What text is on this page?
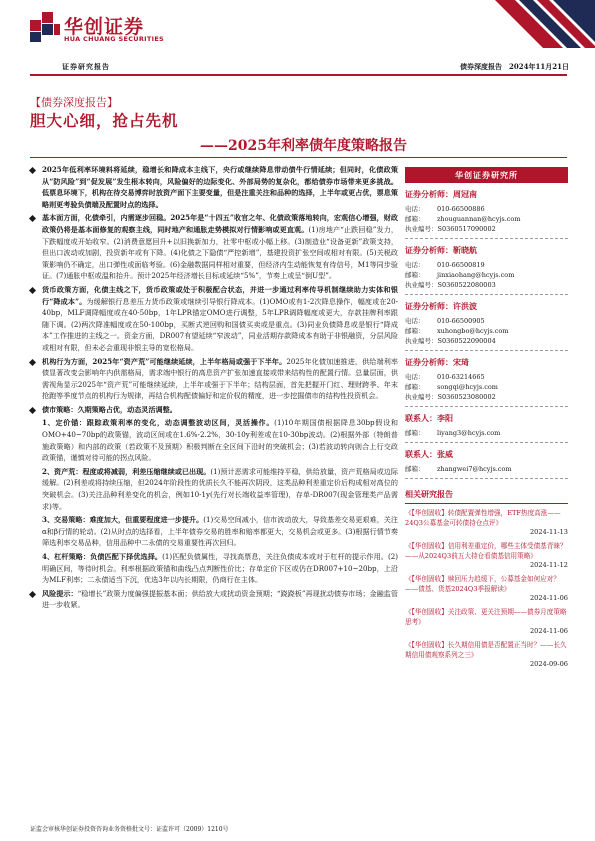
华创证券
HUA CHUANG SECURITIES
证券研究报告	债券深度报告　2024年11月21日
【债券深度报告】
胆大心细，抢占先机
——2025年利率债年度策略报告
2025年低利率环境料将延续，稳增长和降成本主线下，央行或继续降息带动债牛行情延续；但同时，化债政策从“防风险”到“促发展”发生根本转向，风险偏好的边际变化、外部局势的复杂化，都给债券市场带来更多挑战。低票息环境下，机构在待交易博弈时放资产面下主要变量，但是注重关注和品种的选择，上半年或更占优，票息策略则更考验负债端及配置时点的选择。
基本面方面，化债牵引，内需逐步回稳。2025年是“十四五”收官之年、化债政策落地转向，宏观信心增强，财政政策仍将是基本面修复的观察主线，同时地产和通胀走势模拟对行情影响或更直观。(1)房地产“止跌回稳”发力，下跌幅度或开始收窄。(2)消费意愿回升+以旧换新加力，社零中枢或小幅上移。(3)制造业“设备更新”政策支持，但出口波动或加剧，投资新年或有下降。(4)化债之下隐债“严控新增”，基建投资扩张空间或相对有限。(5)关税政策影响仍不确定，出口弹性或面临考验。(6)金融数据同样相对重要，但经济内生动能恢复有待信号，M1等同步验证。(7)通胀中枢或温和抬升。预计2025年经济增长目标或延续“5%”，节奏上或呈“倒U型”。
货币政策方面，化债主线之下，货币政策或处于积极配合状态，并进一步通过利率传导机制继续助力实体和银行“降成本”。为缓解银行息差压力货币政策或继续引导银行降成本。(1)OMO或有1-2次降息操作，幅度或在20-40bp，MLF调降幅度或在40-50bp，1年LPR锚定OMO进行调整，5年LPR调降幅度或更大，存款挂牌利率跟随下调。(2)两次降准幅度或在50-100bp，买断式逆回购和国债买卖或是重点。(3)同业负债降息或是银行“降成本”工作推进的主线之一。资金方面，DR007有望延续“窄波动”，同业活期存款降成本有助于非银融资，分层风险或相对有限，但未必会重现非银主导的宽松格局。
机构行为方面，2025年“资产荒”可能继续延续，上半年格局或强于下半年。2025年化债加速推进，供给端利率债显著改变会影响年内供需格局，需求端中银行的高息资产扩张加速直接或带来结构性的配置行情。总量层面，供需视角显示2025年“资产荒”可能继续延续，上半年或强于下半年；结构层面，首先把握开门红、理财跨季、年末抢跑等季度节点的机构行为规律，再结合机构配债偏好和定价权的精度，进一步挖掘债市的结构性投资机会。
债市策略：久期策略占优，动态灵活调整。
1、定价锚：跟踪政策利率的变化，动态调整波动区间，灵活操作。(1)10年期国债根据降息30bp假设和OMO+40~70bp的政策锚，波动区间或在1.6%-2.2%，30-10y利差或在10-30bp波动。(2)根据外部（特朗普施政策略）和内部的政策（若政策不及预期）积极判断在全区间下沿时的突破机会；(3)若波动转向则合上行交政政策锚，谨慎对待可能的拐点风险。
2、资产荒：程度或将减弱，利差压缩继续或已出现。(1)预计恶需求可能维持平稳，供给放量，资产荒格局或边际缓解。(2)利差或将持续压缩，但2024年阶段性的优质长久不能再次阴段，这类品种利差重定价后构成相对高位的突破机会。(3)关注品种利差变化的机会，例如10-1y(先行对长端收益率管理)，存单-DR007(现金管理类产品需求)等。
3、交易策略：难度加大，但重要程度进一步提升。(1)交易空间减小，信市波动放大，导致基差交易更艰难，关注α和β行情的轮动。(2)从时点的选择看，上半年债券交易的胜率和赔率都更大，交易机会或更多。(3)根据行情节奏筛选利率交易品种，信用品种中二永债的交易重要性再次回归。
4、杠杆策略：负债匹配下择优选择。(1)匹配负债属性，寻找高票息，关注负债成本或对于杠杆的提示作用。(2)明确区间，等待时机会。利率根据政策锚和曲线凸点判断性价比；存单定价下区或仍在DR007+10~20bp，上沿为MLF利率；二永债适当下沉，优选3年以内长期限，仍商行在主体。
风险提示：“稳增长”政策力度偏强提振基本面；供给放大或扰动资金预期；“跷跷板”再现扰动债券市场；金融监管进一步收紧。
华创证券研究所
证券分析师：周冠南
电话： 010-66500886
邮箱： zhouguannan@hcyjs.com
执业编号：S0360517090002
证券分析师：靳晓航
电话： 010-66500819
邮箱： jinxiaohang@hcyjs.com
执业编号：S0360522080003
证券分析师：许洪波
电话： 010-66500905
邮箱： xuhongbo@hcyjs.com
执业编号：S0360522090004
证券分析师：宋琦
电话： 010-63214665
邮箱： songqi@hcyjs.com
执业编号：S0360523080002
联系人：李阳
邮箱： liyang3@hcyjs.com
联系人：张威
邮箱： zhangwei7@hcyjs.com
相关研究报告
《【华创固收】转债配置弹性增强，ETF热度高涨——24Q3公募基金可转债持仓点评》
2024-11-13
《【华创固收】信用利差重定价，哪些主体受债基青睐？——从2024Q3前五大持仓看债基信用策略》
2024-11-12
《【华创固收】赎回压力趋缓下，公募基金如何应对？——债基、货基2024Q3季报解读》
2024-11-06
《【华创固收】关注政策、更关注预期——债券月度策略思考》
2024-11-06
《【华创固收】长久期信用债是否配置正当时？——长久期信用债观察系列之三》
2024-09-06
证监会审核华创证券投资咨询业务资格批文号：证监许可（2009）1210号
